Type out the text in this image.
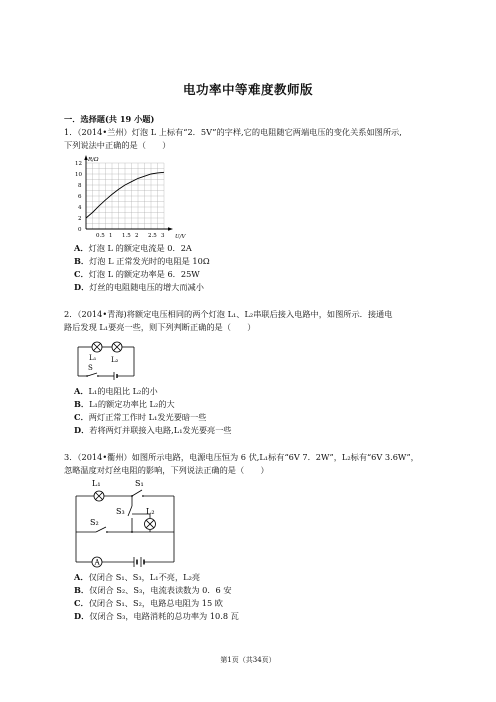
电功率中等难度教师版
一．选择题(共 19 小题)
1．（2014•兰州）灯泡 L 上标有“2．5V”的字样,它的电阻随它两端电压的变化关系如图所示,
下列说法中正确的是（　　）
R/Ω
U/V
12
10
8
6
4
2
0
0.5 1 1.5 2 2.5 3
A．灯泡 L 的额定电流是 0．2A
B．灯泡 L 正常发光时的电阻是 10Ω
C．灯泡 L 的额定功率是 6．25W
D．灯丝的电阻随电压的增大而减小
2．（2014•青海)将额定电压相同的两个灯泡 L₁、L₂串联后接入电路中，如图所示．接通电
路后发现 L₁要亮一些，则下列判断正确的是（　　）
L₁ L₂
S
A．L₁的电阻比 L₂的小
B．L₁的额定功率比 L₂的大
C．两灯正常工作时 L₁发光要暗一些
D．若将两灯并联接入电路,L₁发光要亮一些
3．（2014•衢州）如图所示电路，电源电压恒为 6 伏,L₁标有“6V 7．2W”，L₂标有“6V 3.6W”，
忽略温度对灯丝电阻的影响，下列说法正确的是（　　）
A
L₁	S₁
S₃	L₂
S₂
A．仅闭合 S₁、S₃，L₁不亮，L₂亮
B．仅闭合 S₂、S₃，电流表读数为 0．6 安
C．仅闭合 S₁、S₂，电路总电阻为 15 欧
D．仅闭合 S₃，电路消耗的总功率为 10.8 瓦
第1页（共34页）
